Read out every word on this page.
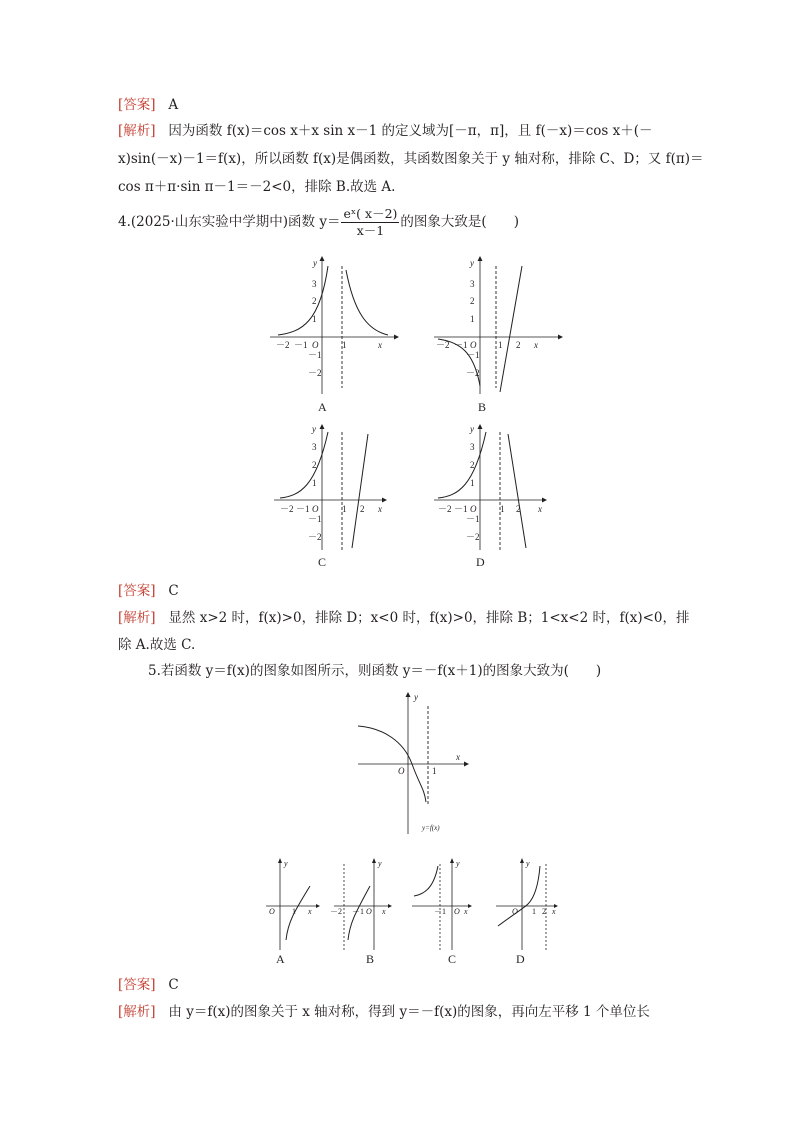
[答案] A
[解析] 因为函数 f(x)＝cos x＋x sin x－1 的定义域为[－π，π]，且 f(－x)＝cos x＋(－
x)sin(－x)－1＝f(x)，所以函数 f(x)是偶函数，其函数图象关于 y 轴对称，排除 C、D；又 f(π)＝
cos π＋π·sin π－1＝－2<0，排除 B.故选 A.
4.(2025·山东实验中学期中)函数 $y= \frac{\text{eˣ( x－2)}}{x-1}$ 的图象大致是(　　)
－2 －1 O	1	x
y
3
2
1
－1
－2
A
－2 －1 O 1 2 x
y
3
2
1
－1
－2
B
－2 －1 O	1 2 x
y
3
2
1
－1
－2
C
－2 －1 O	1 2 x
y
3
2
1
－1
－2
D
[答案] C
[解析] 显然 x>2 时，f(x)>0，排除 D；x<0 时，f(x)>0，排除 B；1<x<2 时，f(x)<0，排
除 A.故选 C.
5.若函数 y＝f(x)的图象如图所示，则函数 y＝－f(x＋1)的图象大致为(　　)
y
x
O	1
y=f(x)
O 1 x
y
A
－2 －1 O x
y
B
－1 O x
y
C
O 1 2 x
y
D
[答案] C
[解析] 由 y＝f(x)的图象关于 x 轴对称，得到 y＝－f(x)的图象，再向左平移 1 个单位长
